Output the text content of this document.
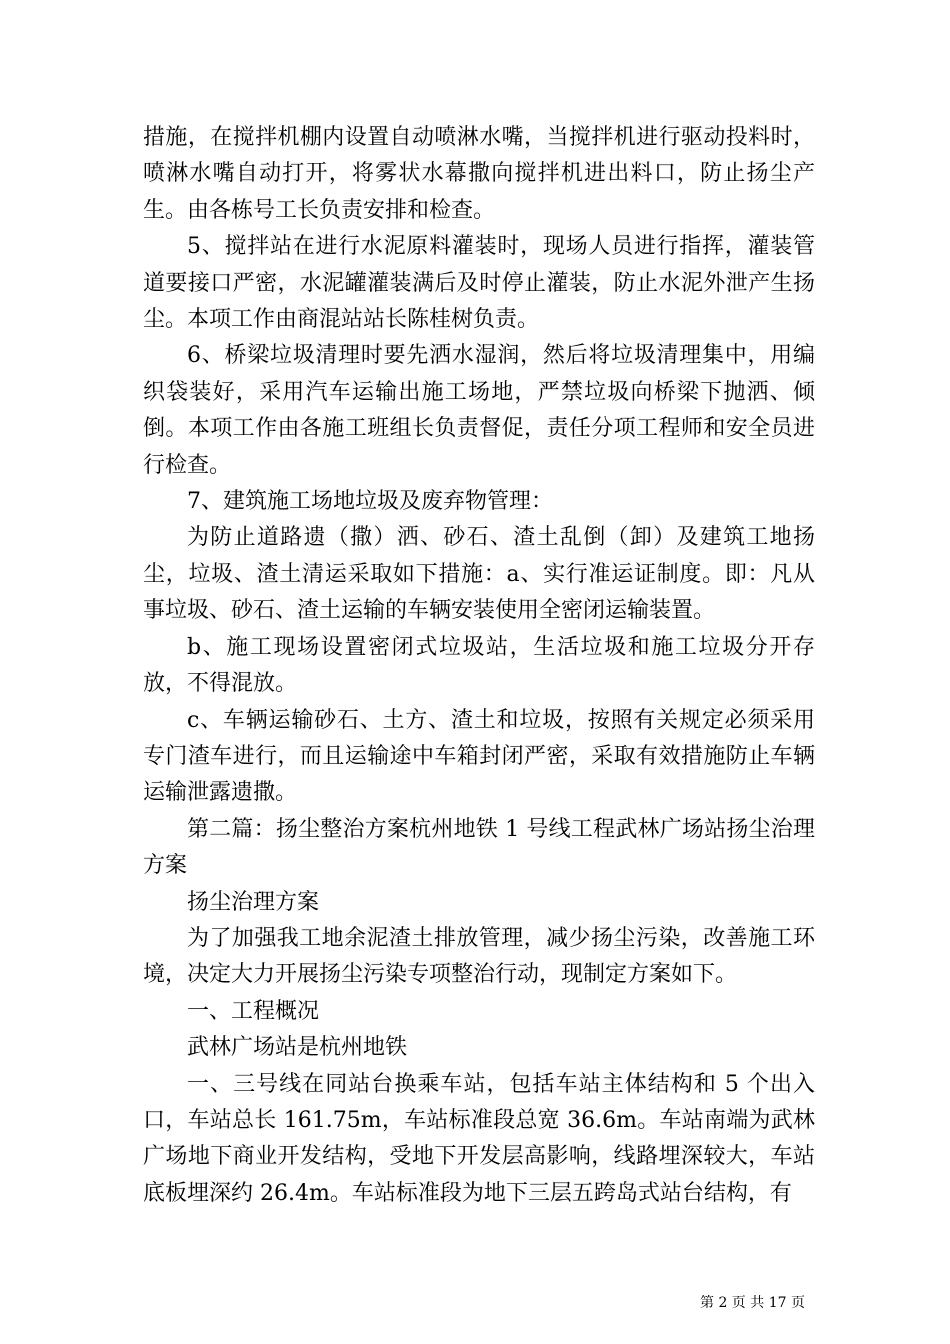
措施，在搅拌机棚内设置自动喷淋水嘴，当搅拌机进行驱动投料时，喷淋水嘴自动打开，将雾状水幕撒向搅拌机进出料口，防止扬尘产生。由各栋号工长负责安排和检查。

5、搅拌站在进行水泥原料灌装时，现场人员进行指挥，灌装管道要接口严密，水泥罐灌装满后及时停止灌装，防止水泥外泄产生扬尘。本项工作由商混站站长陈桂树负责。

6、桥梁垃圾清理时要先洒水湿润，然后将垃圾清理集中，用编织袋装好，采用汽车运输出施工场地，严禁垃圾向桥梁下抛洒、倾倒。本项工作由各施工班组长负责督促，责任分项工程师和安全员进行检查。

7、建筑施工场地垃圾及废弃物管理：

为防止道路遗（撒）洒、砂石、渣土乱倒（卸）及建筑工地扬尘，垃圾、渣土清运采取如下措施：a、实行准运证制度。即：凡从事垃圾、砂石、渣土运输的车辆安装使用全密闭运输装置。

b、施工现场设置密闭式垃圾站，生活垃圾和施工垃圾分开存放，不得混放。

c、车辆运输砂石、土方、渣土和垃圾，按照有关规定必须采用专门渣车进行，而且运输途中车箱封闭严密，采取有效措施防止车辆运输泄露遗撒。

第二篇：扬尘整治方案杭州地铁 1 号线工程武林广场站扬尘治理方案

扬尘治理方案

为了加强我工地余泥渣土排放管理，减少扬尘污染，改善施工环境，决定大力开展扬尘污染专项整治行动，现制定方案如下。

一、工程概况

武林广场站是杭州地铁

一、三号线在同站台换乘车站，包括车站主体结构和 5 个出入口，车站总长 161.75m，车站标准段总宽 36.6m。车站南端为武林广场地下商业开发结构，受地下开发层高影响，线路埋深较大，车站底板埋深约 26.4m。车站标准段为地下三层五跨岛式站台结构，有

第 2 页 共 17 页
